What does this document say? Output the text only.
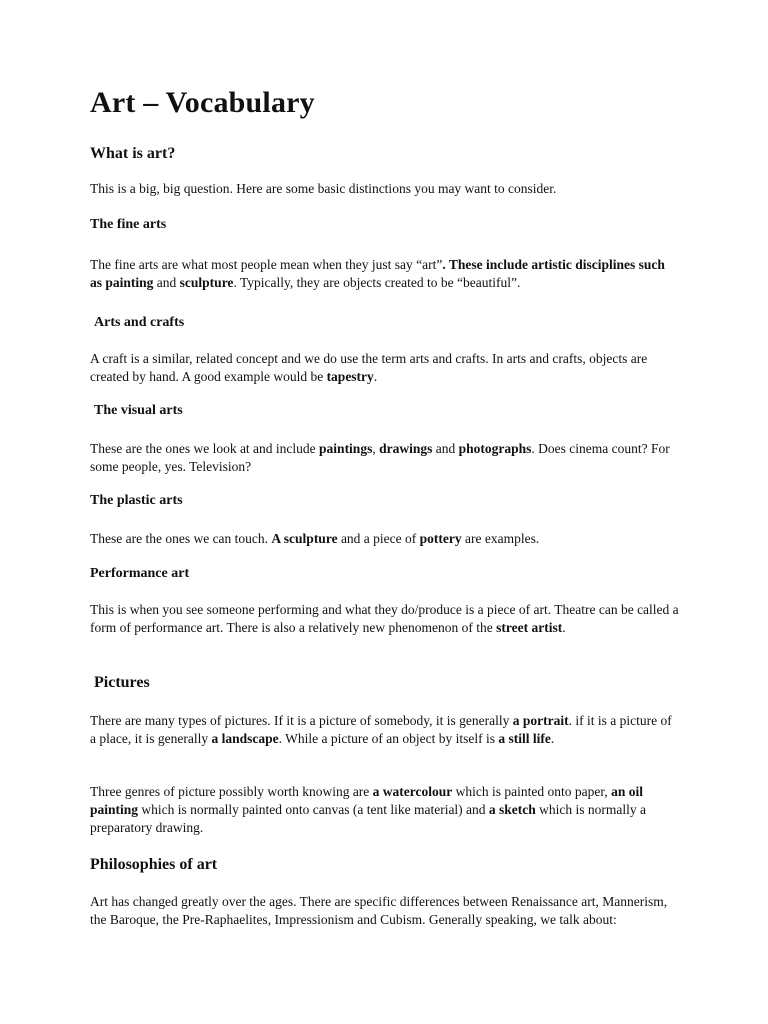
Art – Vocabulary
What is art?

This is a big, big question. Here are some basic distinctions you may want to consider.

The fine arts

The fine arts are what most people mean when they just say “art”. These include artistic disciplines such as painting and sculpture. Typically, they are objects created to be “beautiful”.

Arts and crafts

A craft is a similar, related concept and we do use the term arts and crafts. In arts and crafts, objects are created by hand. A good example would be tapestry.

The visual arts

These are the ones we look at and include paintings, drawings and photographs. Does cinema count? For some people, yes. Television?

The plastic arts

These are the ones we can touch. A sculpture and a piece of pottery are examples.

Performance art

This is when you see someone performing and what they do/produce is a piece of art. Theatre can be called a form of performance art. There is also a relatively new phenomenon of the street artist.

Pictures

There are many types of pictures. If it is a picture of somebody, it is generally a portrait. if it is a picture of a place, it is generally a landscape. While a picture of an object by itself is a still life.

Three genres of picture possibly worth knowing are a watercolour which is painted onto paper, an oil painting which is normally painted onto canvas (a tent like material) and a sketch which is normally a preparatory drawing.

Philosophies of art

Art has changed greatly over the ages. There are specific differences between Renaissance art, Mannerism, the Baroque, the Pre-Raphaelites, Impressionism and Cubism. Generally speaking, we talk about:
